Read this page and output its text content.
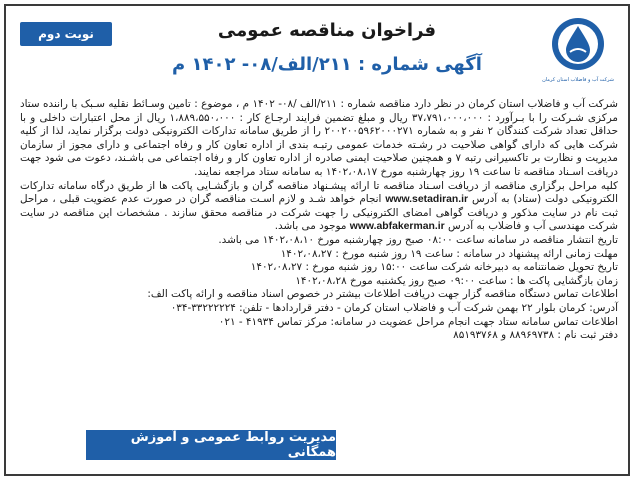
نوبت دوم	فراخوان مناقصه عمومی
آگهی شماره : ۲۱۱/الف/۰۸- ۱۴۰۲ م
شرکت آب و فاضلاب استان کرمان

شرکت آب و فاضلاب استان کرمان در نظر دارد مناقصه شماره : ۲۱۱/الف /۰۸- ۱۴۰۲ م ، موضوع : تامین وسـائط نقلیه سـبک با راننده ستاد مرکزی شـرکت را با بـرآورد : ۳۷،۷۹۱،۰۰۰،۰۰۰ ریال و مبلغ تضمین فرایند ارجـاع کار : ۱،۸۸۹،۵۵۰،۰۰۰ ریال از محل اعتبارات داخلی و با حداقل تعداد شرکت کنندگان ۲ نفر و به شماره ۲۰۰۲۰۰۵۹۶۲۰۰۰۲۷۱ را از طریق سامانه تدارکات الکترونیکی دولت برگزار نماید، لذا از کلیه شرکت هایی که دارای گواهی صلاحیت در رشـته خدمات عمومی رتبـه بندی از اداره تعاون کار و رفاه اجتماعی و دارای مجوز از سازمان مدیریت و نظارت بر تاکسیرانی رتبه ۷ و همچنین صلاحیت ایمنی صادره از اداره تعاون کار و رفاه اجتماعی می باشـند، دعوت می شود جهت دریافت اسـناد مناقصه تا ساعت ۱۹ روز چهارشنبه مورخ ۱۴۰۲،۰۸،۱۷ به سامانه ستاد مراجعه نمایند.

کلیه مراحل برگزاری مناقصه از دریافت اسـناد مناقصه تا ارائه پیشـنهاد مناقصه گران و بازگشـایی پاکت ها از طریق درگاه سامانه تدارکات الکترونیکی دولت (ستاد) به آدرس www.setadiran.ir انجام خواهد شـد و لازم اسـت مناقصه گران در صورت عدم عضویت قبلی ، مراحل ثبت نام در سایت مذکور و دریافت گواهی امضای الکترونیکی را جهت شرکت در مناقصه محقق سازند . مشخصات این مناقصه در سایت شرکت مهندسی آب و فاضلاب به آدرس www.abfakerman.ir موجود می باشد.

تاریخ انتشار مناقصه در سامانه ساعت ۰۸:۰۰ صبح روز چهارشنبه مورخ ۱۴۰۲،۰۸،۱۰ می باشد.

مهلت زمانی ارائه پیشنهاد در سامانه : ساعت ۱۹ روز شنبه مورخ : ۱۴۰۲،۰۸،۲۷

تاریخ تحویل ضمانتنامه به دبیرخانه شرکت ساعت ۱۵:۰۰ روز شنبه مورخ : ۱۴۰۲،۰۸،۲۷

زمان بازگشایی پاکت ها : ساعت ۰۹:۰۰ صبح روز یکشنبه مورخ ۱۴۰۲،۰۸،۲۸

اطلاعات تماس دستگاه مناقصه گزار جهت دریافت اطلاعات بیشتر در خصوص اسناد مناقصه و ارائه پاکت الف:

آدرس: کرمان بلوار ۲۲ بهمن شرکت آب و فاضلاب استان کرمان - دفتر قراردادها - تلفن: ۳۳۲۲۲۲۲۴-۰۳۴

اطلاعات تماس سامانه ستاد جهت انجام مراحل عضویت در سامانه: مرکز تماس ۴۱۹۳۴ - ۰۲۱

دفتر ثبت نام : ۸۸۹۶۹۷۳۸ و ۸۵۱۹۳۷۶۸

مدیریت روابط عمومی و آموزش همگانی
